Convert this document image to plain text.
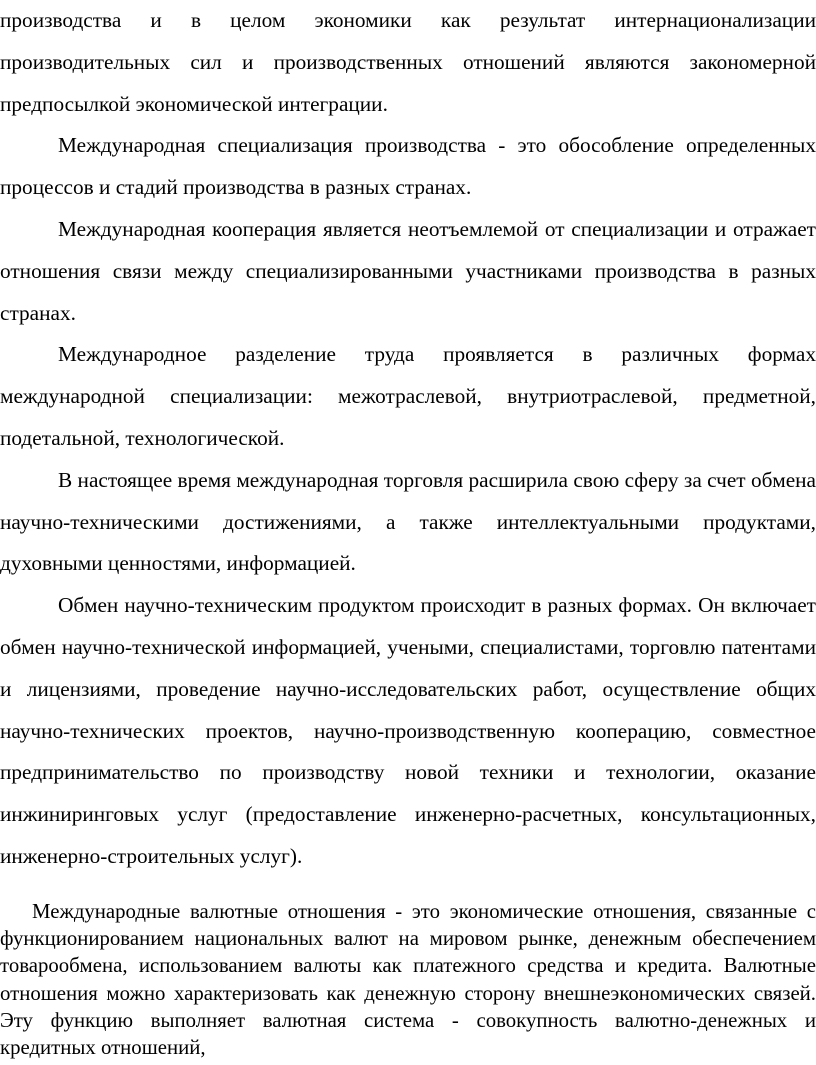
производства и в целом экономики как результат интернационализации производительных сил и производственных отношений являются закономерной предпосылкой экономической интеграции.

Международная специализация производства - это обособление определенных процессов и стадий производства в разных странах.

Международная кооперация является неотъемлемой от специализации и отражает отношения связи между специализированными участниками производства в разных странах.

Международное разделение труда проявляется в различных формах международной специализации: межотраслевой, внутриотраслевой, предметной, подетальной, технологической.

В настоящее время международная торговля расширила свою сферу за счет обмена научно-техническими достижениями, а также интеллектуальными продуктами, духовными ценностями, информацией.

Обмен научно-техническим продуктом происходит в разных формах. Он включает обмен научно-технической информацией, учеными, специалистами, торговлю патентами и лицензиями, проведение научно-исследовательских работ, осуществление общих научно-технических проектов, научно-производственную кооперацию, совместное предпринимательство по производству новой техники и технологии, оказание инжиниринговых услуг (предоставление инженерно-расчетных, консультационных, инженерно-строительных услуг).

Международные валютные отношения - это экономические отношения, связанные с функционированием национальных валют на мировом рынке, денежным обеспечением товарообмена, использованием валюты как платежного средства и кредита. Валютные отношения можно характеризовать как денежную сторону внешнеэкономических связей. Эту функцию выполняет валютная система - совокупность валютно-денежных и кредитных отношений,
